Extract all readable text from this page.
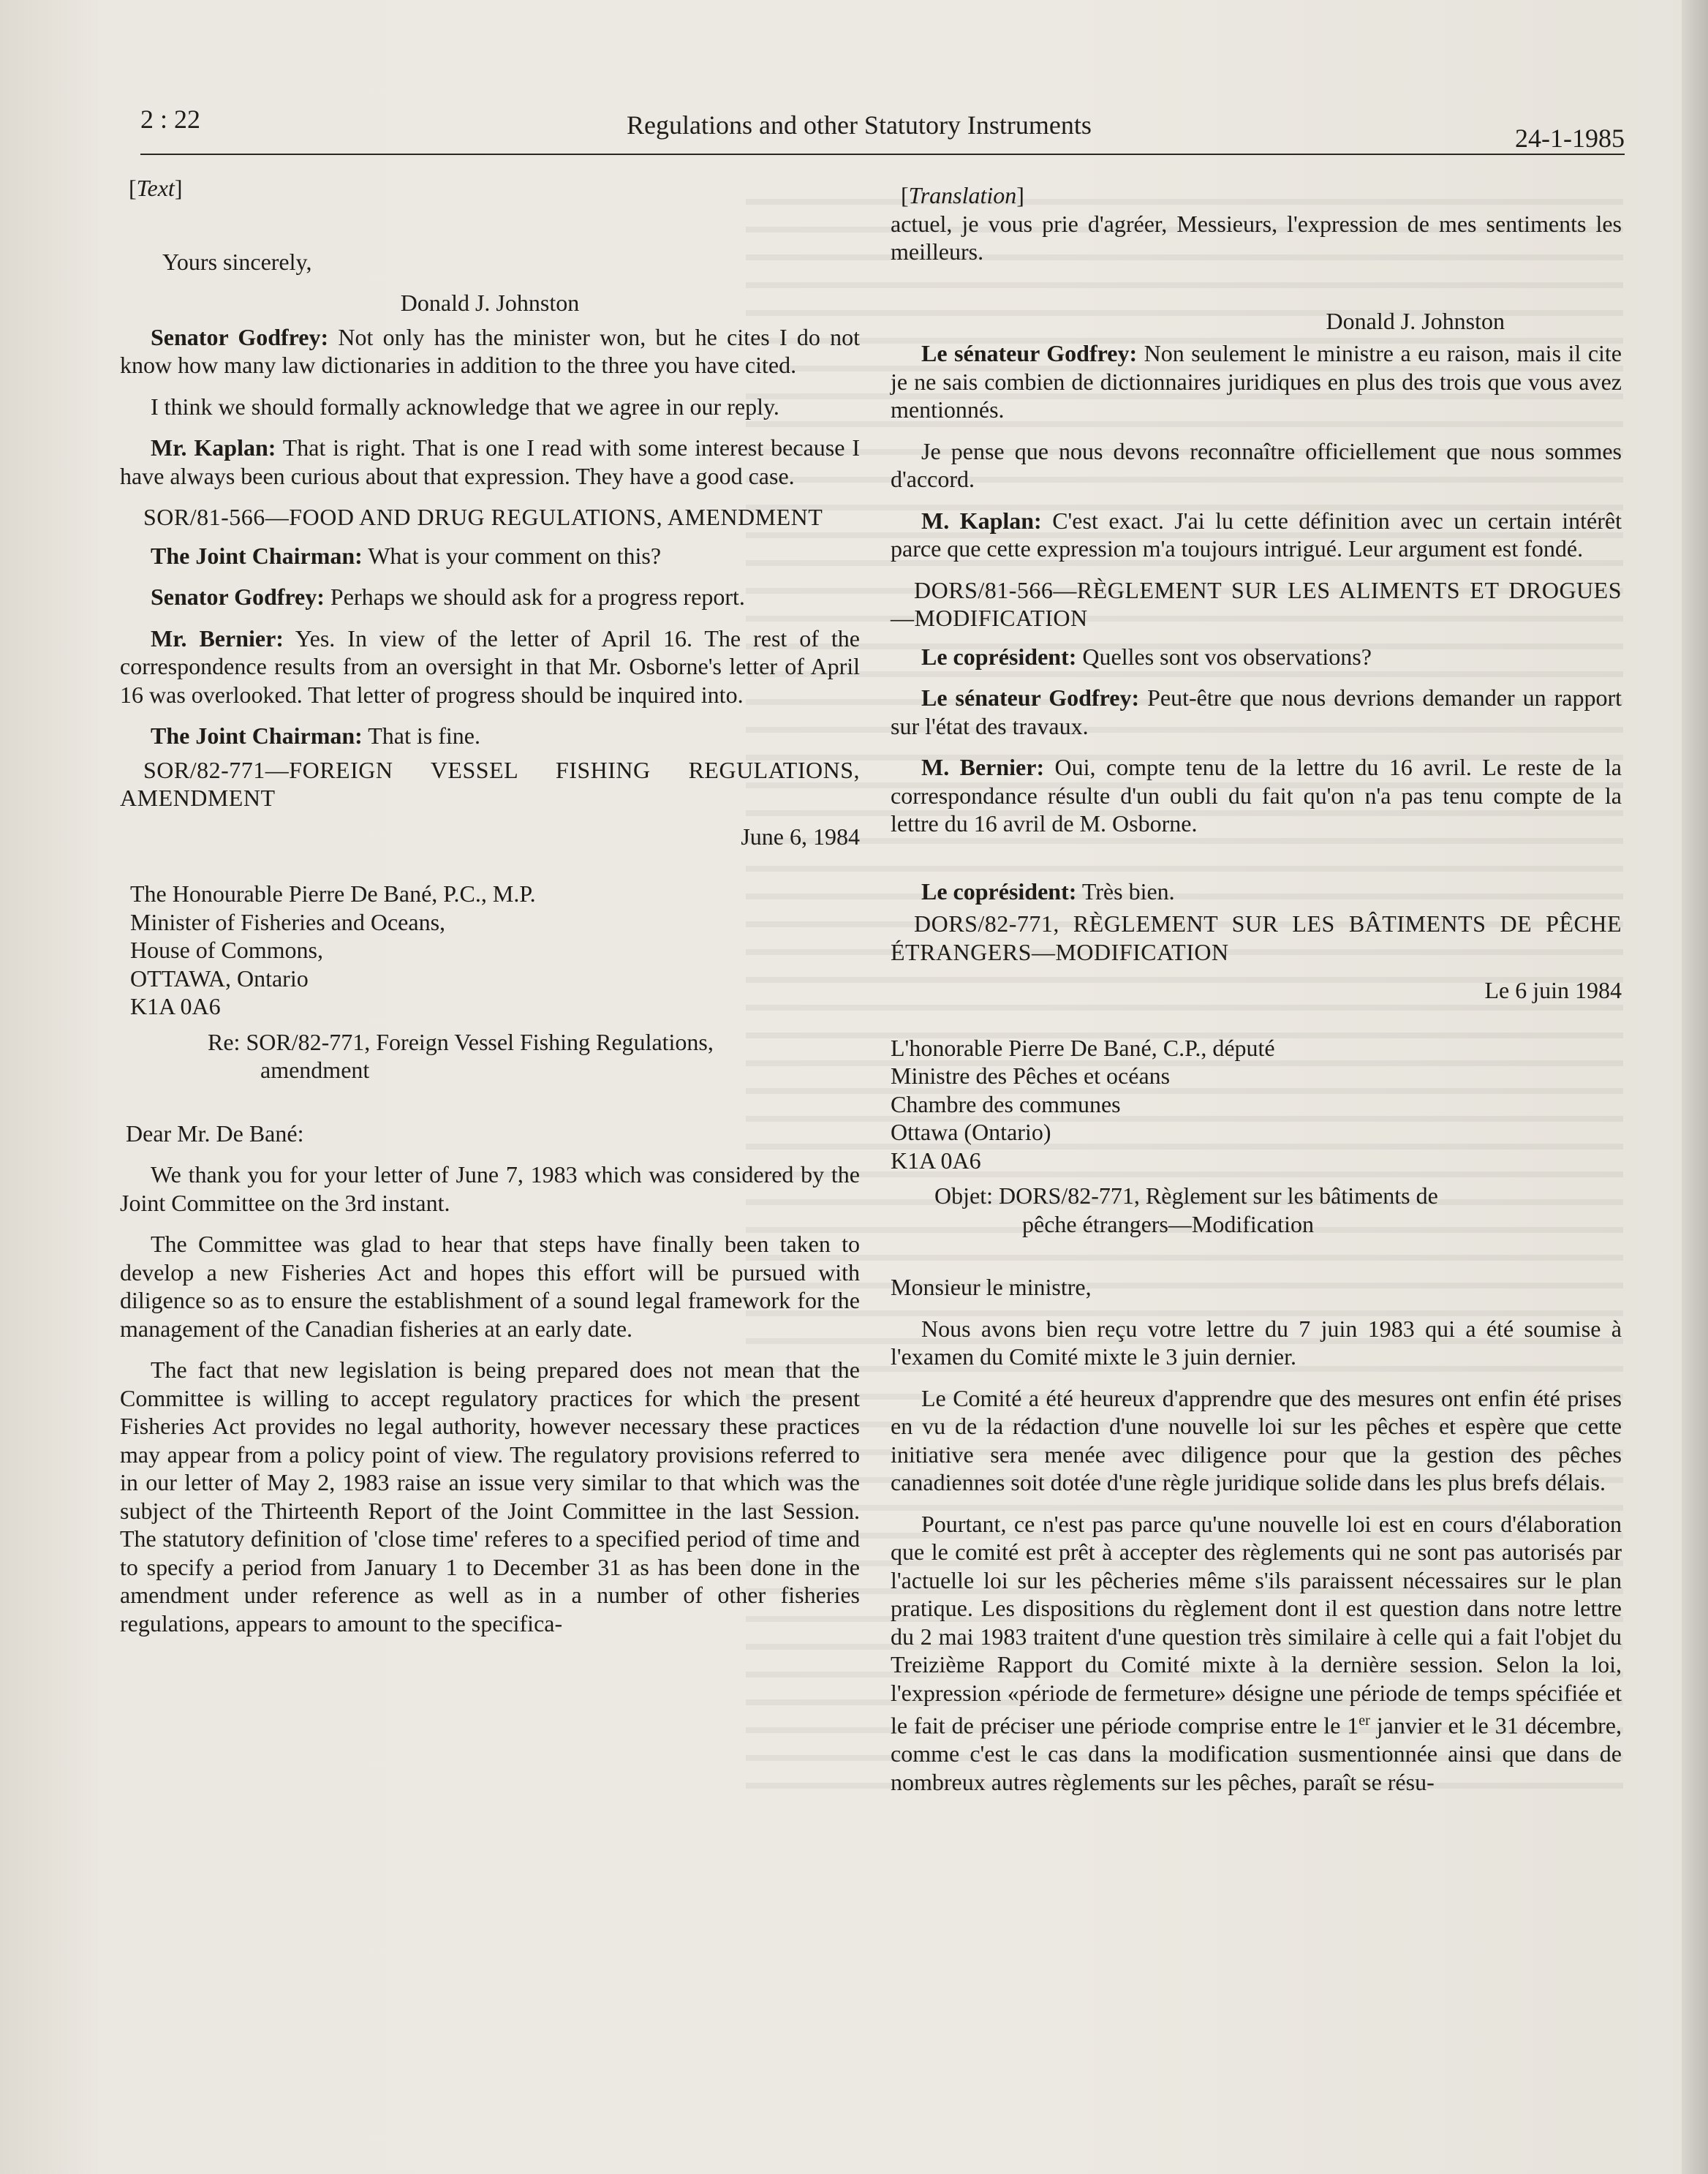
2 : 22	Regulations and other Statutory Instruments	24-1-1985

[Text]

Yours sincerely,

Donald J. Johnston

Senator Godfrey: Not only has the minister won, but he cites I do not know how many law dictionaries in addition to the three you have cited.

I think we should formally acknowledge that we agree in our reply.

Mr. Kaplan: That is right. That is one I read with some interest because I have always been curious about that expression. They have a good case.

SOR/81-566—FOOD AND DRUG REGULATIONS, AMENDMENT

The Joint Chairman: What is your comment on this?

Senator Godfrey: Perhaps we should ask for a progress report.

Mr. Bernier: Yes. In view of the letter of April 16. The rest of the correspondence results from an oversight in that Mr. Osborne's letter of April 16 was overlooked. That letter of progress should be inquired into.

The Joint Chairman: That is fine.

SOR/82-771—FOREIGN VESSEL FISHING REGULATIONS, AMENDMENT

June 6, 1984

The Honourable Pierre De Bané, P.C., M.P.
Minister of Fisheries and Oceans,
House of Commons,
OTTAWA, Ontario
K1A 0A6
Re: SOR/82-771, Foreign Vessel Fishing Regulations,
amendment

Dear Mr. De Bané:

We thank you for your letter of June 7, 1983 which was considered by the Joint Committee on the 3rd instant.

The Committee was glad to hear that steps have finally been taken to develop a new Fisheries Act and hopes this effort will be pursued with diligence so as to ensure the establishment of a sound legal framework for the management of the Canadian fisheries at an early date.

The fact that new legislation is being prepared does not mean that the Committee is willing to accept regulatory practices for which the present Fisheries Act provides no legal authority, however necessary these practices may appear from a policy point of view. The regulatory provisions referred to in our letter of May 2, 1983 raise an issue very similar to that which was the subject of the Thirteenth Report of the Joint Committee in the last Session. The statutory definition of 'close time' referes to a specified period of time and to specify a period from January 1 to December 31 as has been done in the amendment under reference as well as in a number of other fisheries regulations, appears to amount to the specifica-

[Translation]

actuel, je vous prie d'agréer, Messieurs, l'expression de mes sentiments les meilleurs.

Donald J. Johnston

Le sénateur Godfrey: Non seulement le ministre a eu raison, mais il cite je ne sais combien de dictionnaires juridiques en plus des trois que vous avez mentionnés.

Je pense que nous devons reconnaître officiellement que nous sommes d'accord.

M. Kaplan: C'est exact. J'ai lu cette définition avec un certain intérêt parce que cette expression m'a toujours intrigué. Leur argument est fondé.

DORS/81-566—RÈGLEMENT SUR LES ALIMENTS ET DROGUES—MODIFICATION

Le coprésident: Quelles sont vos observations?

Le sénateur Godfrey: Peut-être que nous devrions demander un rapport sur l'état des travaux.

M. Bernier: Oui, compte tenu de la lettre du 16 avril. Le reste de la correspondance résulte d'un oubli du fait qu'on n'a pas tenu compte de la lettre du 16 avril de M. Osborne.

Le coprésident: Très bien.

DORS/82-771, RÈGLEMENT SUR LES BÂTIMENTS DE PÊCHE ÉTRANGERS—MODIFICATION

Le 6 juin 1984

L'honorable Pierre De Bané, C.P., député
Ministre des Pêches et océans
Chambre des communes
Ottawa (Ontario)
K1A 0A6
Objet: DORS/82-771, Règlement sur les bâtiments de
pêche étrangers—Modification

Monsieur le ministre,

Nous avons bien reçu votre lettre du 7 juin 1983 qui a été soumise à l'examen du Comité mixte le 3 juin dernier.

Le Comité a été heureux d'apprendre que des mesures ont enfin été prises en vu de la rédaction d'une nouvelle loi sur les pêches et espère que cette initiative sera menée avec diligence pour que la gestion des pêches canadiennes soit dotée d'une règle juridique solide dans les plus brefs délais.

Pourtant, ce n'est pas parce qu'une nouvelle loi est en cours d'élaboration que le comité est prêt à accepter des règlements qui ne sont pas autorisés par l'actuelle loi sur les pêcheries même s'ils paraissent nécessaires sur le plan pratique. Les dispositions du règlement dont il est question dans notre lettre du 2 mai 1983 traitent d'une question très similaire à celle qui a fait l'objet du Treizième Rapport du Comité mixte à la dernière session. Selon la loi, l'expression «période de fermeture» désigne une période de temps spécifiée et le fait de préciser une période comprise entre le 1er janvier et le 31 décembre, comme c'est le cas dans la modification susmentionnée ainsi que dans de nombreux autres règlements sur les pêches, paraît se résu-
